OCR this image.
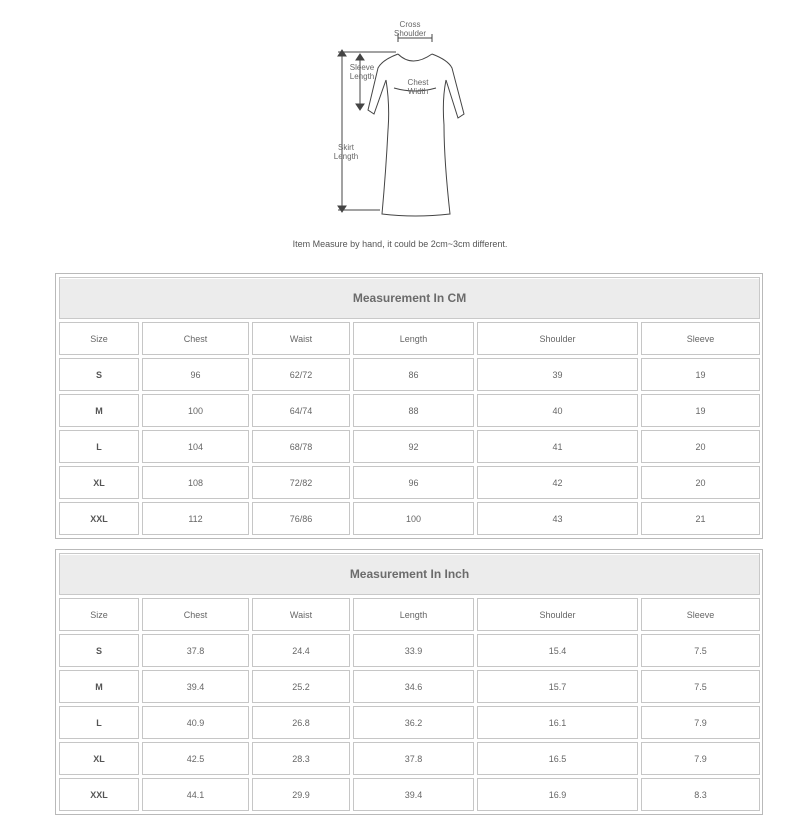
Cross
Shoulder
Sleeve
Length
Chest
Width
Skirt
Length
Item Measure by hand, it could be 2cm~3cm different.
Measurement In CM					
Size	Chest	Waist	Length	Shoulder	Sleeve
S	96	62/72	86	39	19
M	100	64/74	88	40	19
L	104	68/78	92	41	20
XL	108	72/82	96	42	20
XXL	112	76/86	100	43	21
Measurement In Inch					
Size	Chest	Waist	Length	Shoulder	Sleeve
S	37.8	24.4	33.9	15.4	7.5
M	39.4	25.2	34.6	15.7	7.5
L	40.9	26.8	36.2	16.1	7.9
XL	42.5	28.3	37.8	16.5	7.9
XXL	44.1	29.9	39.4	16.9	8.3
